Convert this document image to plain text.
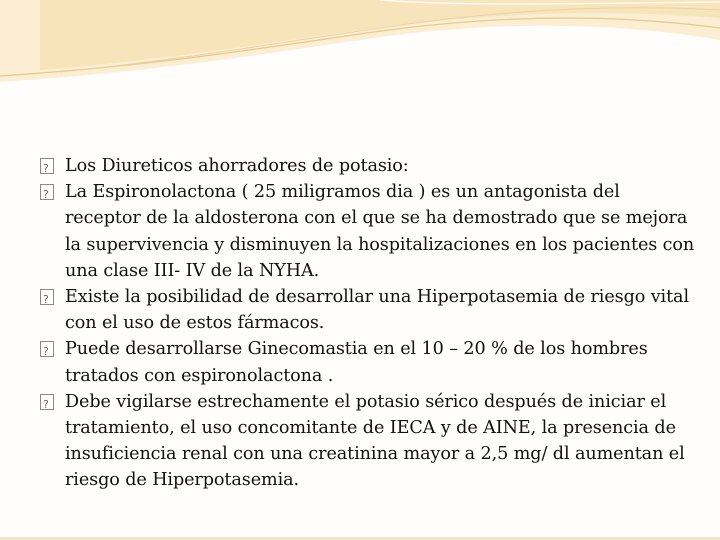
?
Los Diureticos ahorradores de potasio:

?
La Espironolactona ( 25 miligramos dia ) es un antagonista del receptor de la aldosterona con el que se ha demostrado que se mejora la supervivencia y disminuyen la hospitalizaciones en los pacientes con una clase III- IV de la NYHA.

?
Existe la posibilidad de desarrollar una Hiperpotasemia de riesgo vital con el uso de estos fármacos.

?
Puede desarrollarse Ginecomastia en el 10 – 20 % de los hombres tratados con espironolactona .

?
Debe vigilarse estrechamente el potasio sérico después de iniciar el tratamiento, el uso concomitante de IECA y de AINE, la presencia de insuficiencia renal con una creatinina mayor a 2,5 mg/ dl aumentan el riesgo de Hiperpotasemia.
